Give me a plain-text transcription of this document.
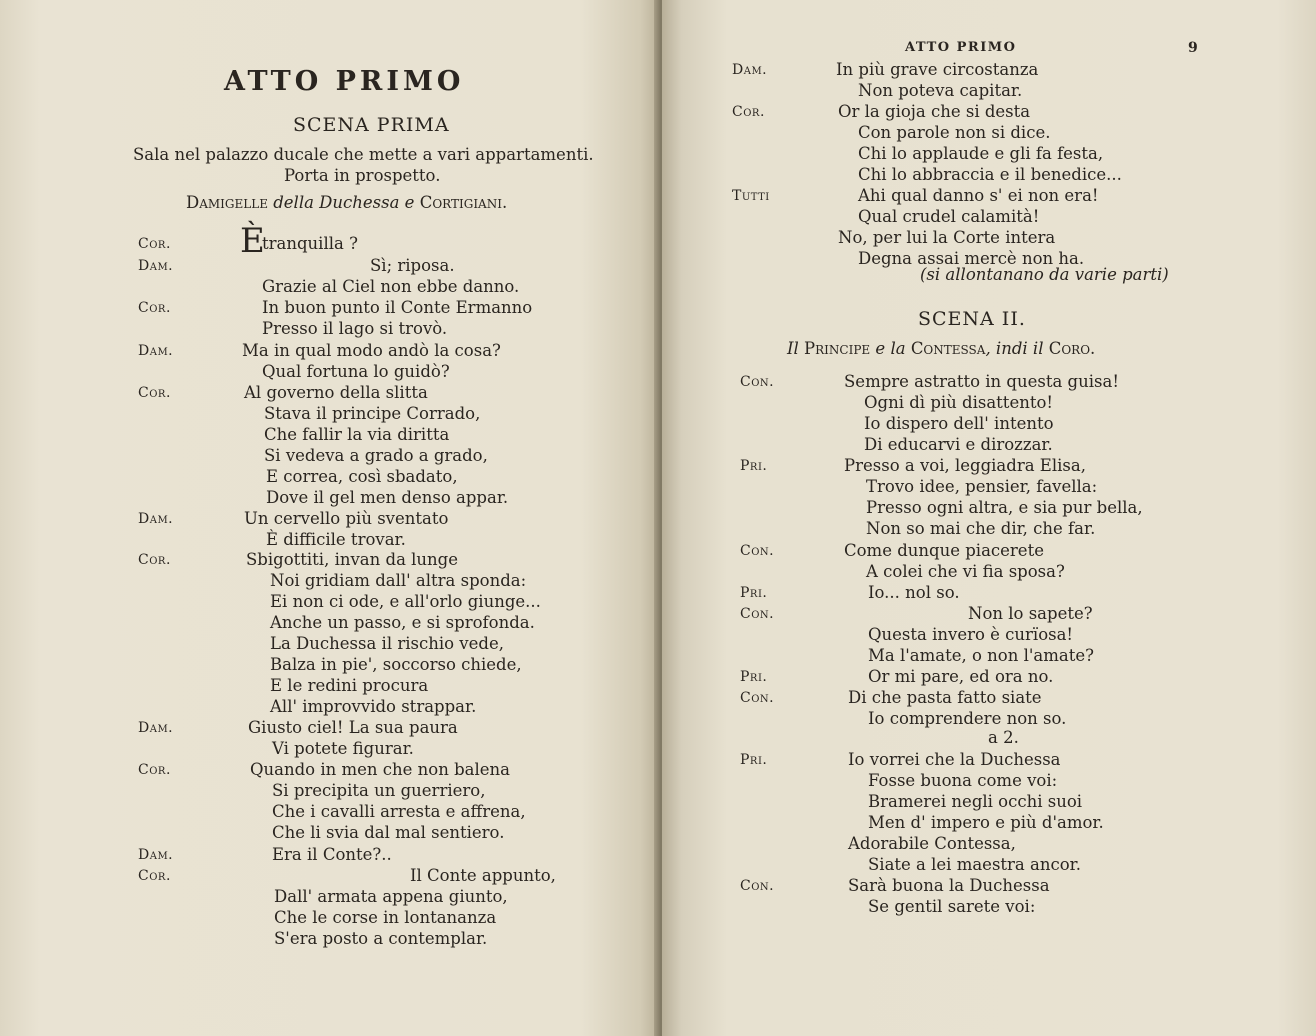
ATTO PRIMO
SCENA PRIMA
Sala nel palazzo ducale che mette a vari appartamenti.
Porta in prospetto.
Damigelle della Duchessa e Cortigiani.
È
Cor.	tranquilla ?
Dam.	Sì; riposa.
Grazie al Ciel non ebbe danno.
Cor.	In buon punto il Conte Ermanno
Presso il lago si trovò.
Dam.	Ma in qual modo andò la cosa?
Qual fortuna lo guidò?
Cor.	Al governo della slitta
Stava il principe Corrado,
Che fallir la via diritta
Si vedeva a grado a grado,
E correa, così sbadato,
Dove il gel men denso appar.
Dam.	Un cervello più sventato
È difficile trovar.
Cor.	Sbigottiti, invan da lunge
Noi gridiam dall' altra sponda:
Ei non ci ode, e all'orlo giunge...
Anche un passo, e si sprofonda.
La Duchessa il rischio vede,
Balza in pie', soccorso chiede,
E le redini procura
All' improvvido strappar.
Dam.	Giusto ciel! La sua paura
Vi potete figurar.
Cor.	Quando in men che non balena
Si precipita un guerriero,
Che i cavalli arresta e affrena,
Che li svia dal mal sentiero.
Dam.	Era il Conte?..
Cor.	Il Conte appunto,
Dall' armata appena giunto,
Che le corse in lontananza
S'era posto a contemplar.
ATTO PRIMO	9
Dam.	In più grave circostanza
Non poteva capitar.
Cor.	Or la gioja che si desta
Con parole non si dice.
Chi lo applaude e gli fa festa,
Chi lo abbraccia e il benedice...
Tutti	Ahi qual danno s' ei non era!
Qual crudel calamità!
No, per lui la Corte intera
Degna assai mercè non ha.
(si allontanano da varie parti)
SCENA II.
Il Principe e la Contessa, indi il Coro.
Con.	Sempre astratto in questa guisa!
Ogni dì più disattento!
Io dispero dell' intento
Di educarvi e dirozzar.
Pri.	Presso a voi, leggiadra Elisa,
Trovo idee, pensier, favella:
Presso ogni altra, e sia pur bella,
Non so mai che dir, che far.
Con.	Come dunque piacerete
A colei che vi fia sposa?
Pri.	Io... nol so.
Con.	Non lo sapete?
Questa invero è curïosa!
Ma l'amate, o non l'amate?
Pri.	Or mi pare, ed ora no.
Con.	Di che pasta fatto siate
Io comprendere non so.
a 2.
Pri.	Io vorrei che la Duchessa
Fosse buona come voi:
Bramerei negli occhi suoi
Men d' impero e più d'amor.
Adorabile Contessa,
Siate a lei maestra ancor.
Con.	Sarà buona la Duchessa
Se gentil sarete voi:
